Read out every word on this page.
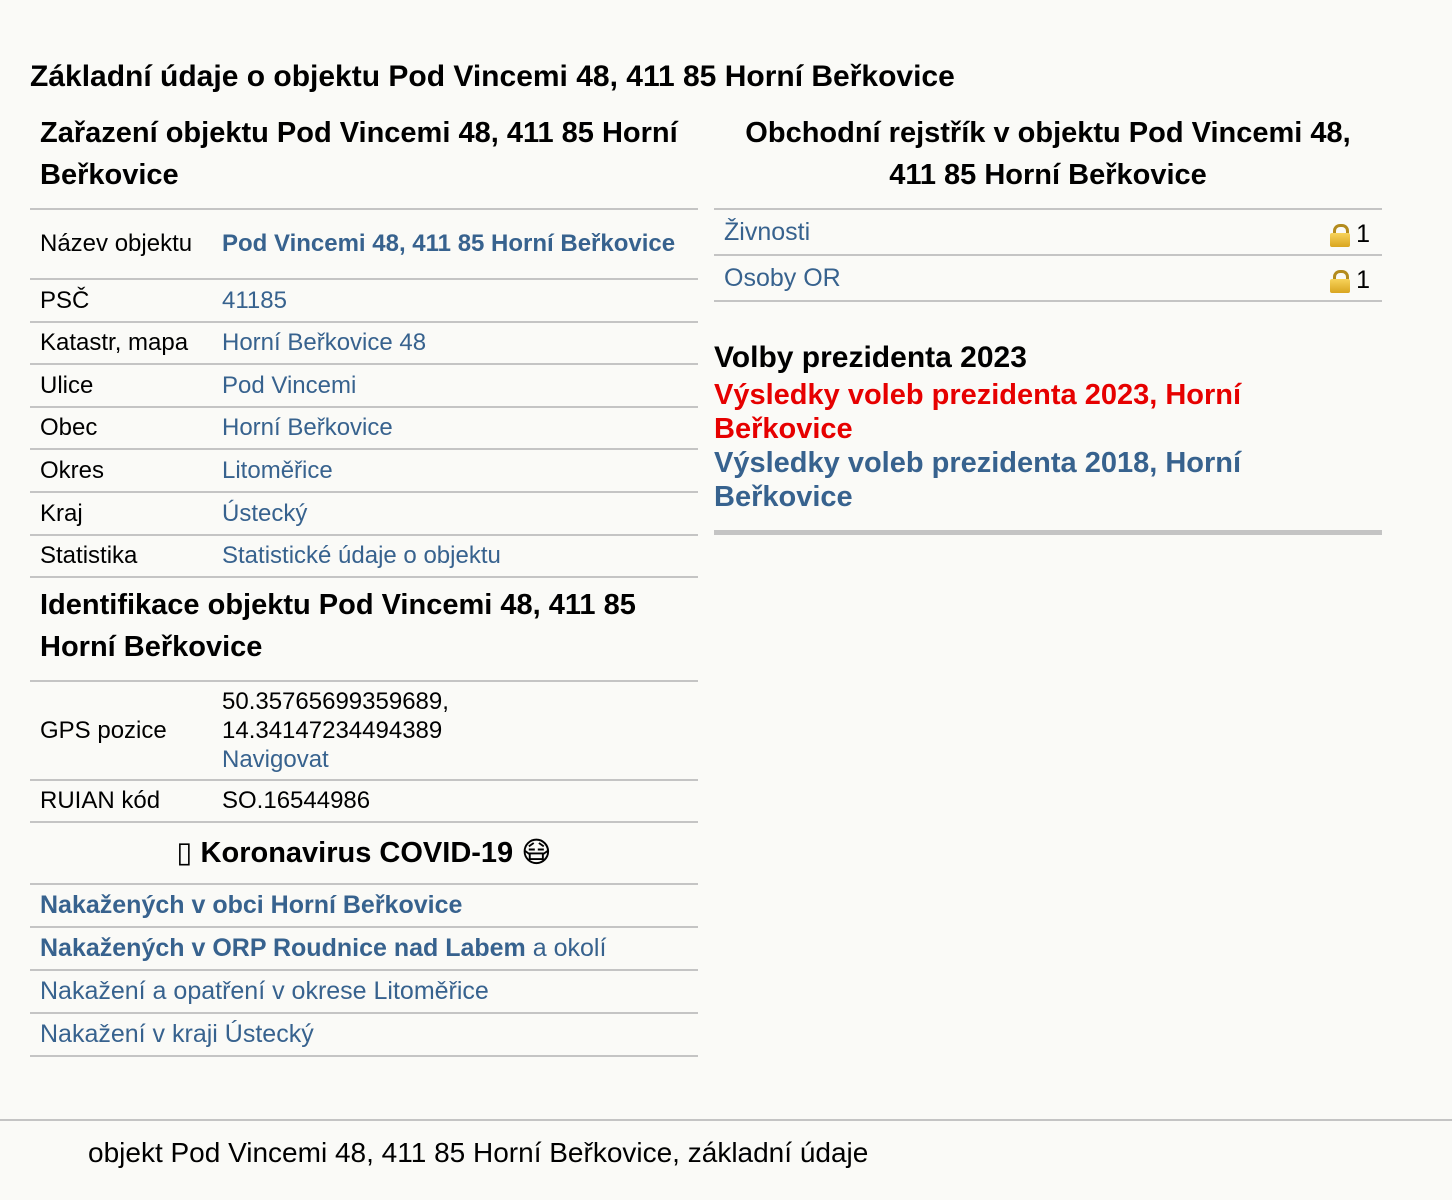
Základní údaje o objektu Pod Vincemi 48, 411 85 Horní Beřkovice
Zařazení objektu Pod Vincemi 48, 411 85 Horní Beřkovice
Název objektu	Pod Vincemi 48, 411 85 Horní Beřkovice
PSČ	41185
Katastr, mapa	Horní Beřkovice 48
Ulice	Pod Vincemi
Obec	Horní Beřkovice
Okres	Litoměřice
Kraj	Ústecký
Statistika	Statistické údaje o objektu
Identifikace objektu Pod Vincemi 48, 411 85 Horní Beřkovice
GPS pozice	50.35765699359689,
14.34147234494389
Navigovat
RUIAN kód	SO.16544986
▯ Koronavirus COVID-19 😷
Nakažených v obci Horní Beřkovice
Nakažených v ORP Roudnice nad Labem a okolí
Nakažení a opatření v okrese Litoměřice
Nakažení v kraji Ústecký
Obchodní rejstřík v objektu Pod Vincemi 48, 411 85 Horní Beřkovice
Živnosti	1
Osoby OR	1
Volby prezidenta 2023
Výsledky voleb prezidenta 2023, Horní Beřkovice
Výsledky voleb prezidenta 2018, Horní Beřkovice
objekt Pod Vincemi 48, 411 85 Horní Beřkovice, základní údaje
